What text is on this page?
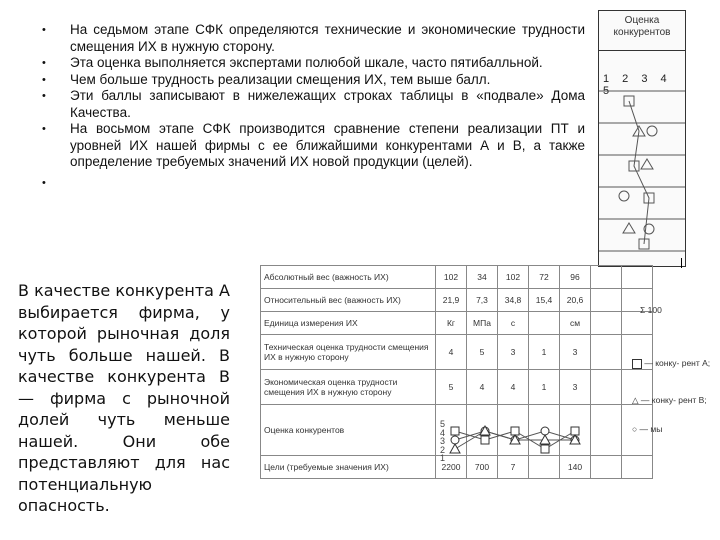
• На седьмом этапе СФК определяются технические и экономические трудности смещения ИХ в нужную сторону.
• Эта оценка выполняется экспертами полюбой шкале, часто пятибалльной.
• Чем больше трудность реализации смещения ИХ, тем выше балл.
• Эти баллы записывают в нижележащих строках таблицы в «подвале» Дома Качества.
• На восьмом этапе СФК производится сравнение степени реализации ПТ и уровней ИХ нашей фирмы с ее ближайшими конкурентами А и В, а также определение требуемых значений ИХ новой продукции (целей).
•
В качестве конкурента А выбирается фирма, у которой рыночная доля чуть больше нашей. В качестве конкурента В — фирма с рыночной долей чуть меньше нашей. Они обе представляют для нас потенциальную опасность.
Оценка конкурентов
1 2 3 4 5
Абсолютный вес (важность ИХ)	102	34	102	72	96		
Относительный вес (важность ИХ)	21,9	7,3	34,8	15,4	20,6		
Единица измерения ИХ	Кг	МПа	с		см		
Техническая оценка трудности смещения ИХ в нужную сторону	4	5	3	1	3		
Экономическая оценка трудности смещения ИХ в нужную сторону	5	4	4	1	3		
Оценка конкурентов							
Цели (требуемые значения ИХ)	2200	700	7		140		
5
4
3
2
1
Σ 100
— конку- рент А;
△ — конку- рент В;
○ — мы
